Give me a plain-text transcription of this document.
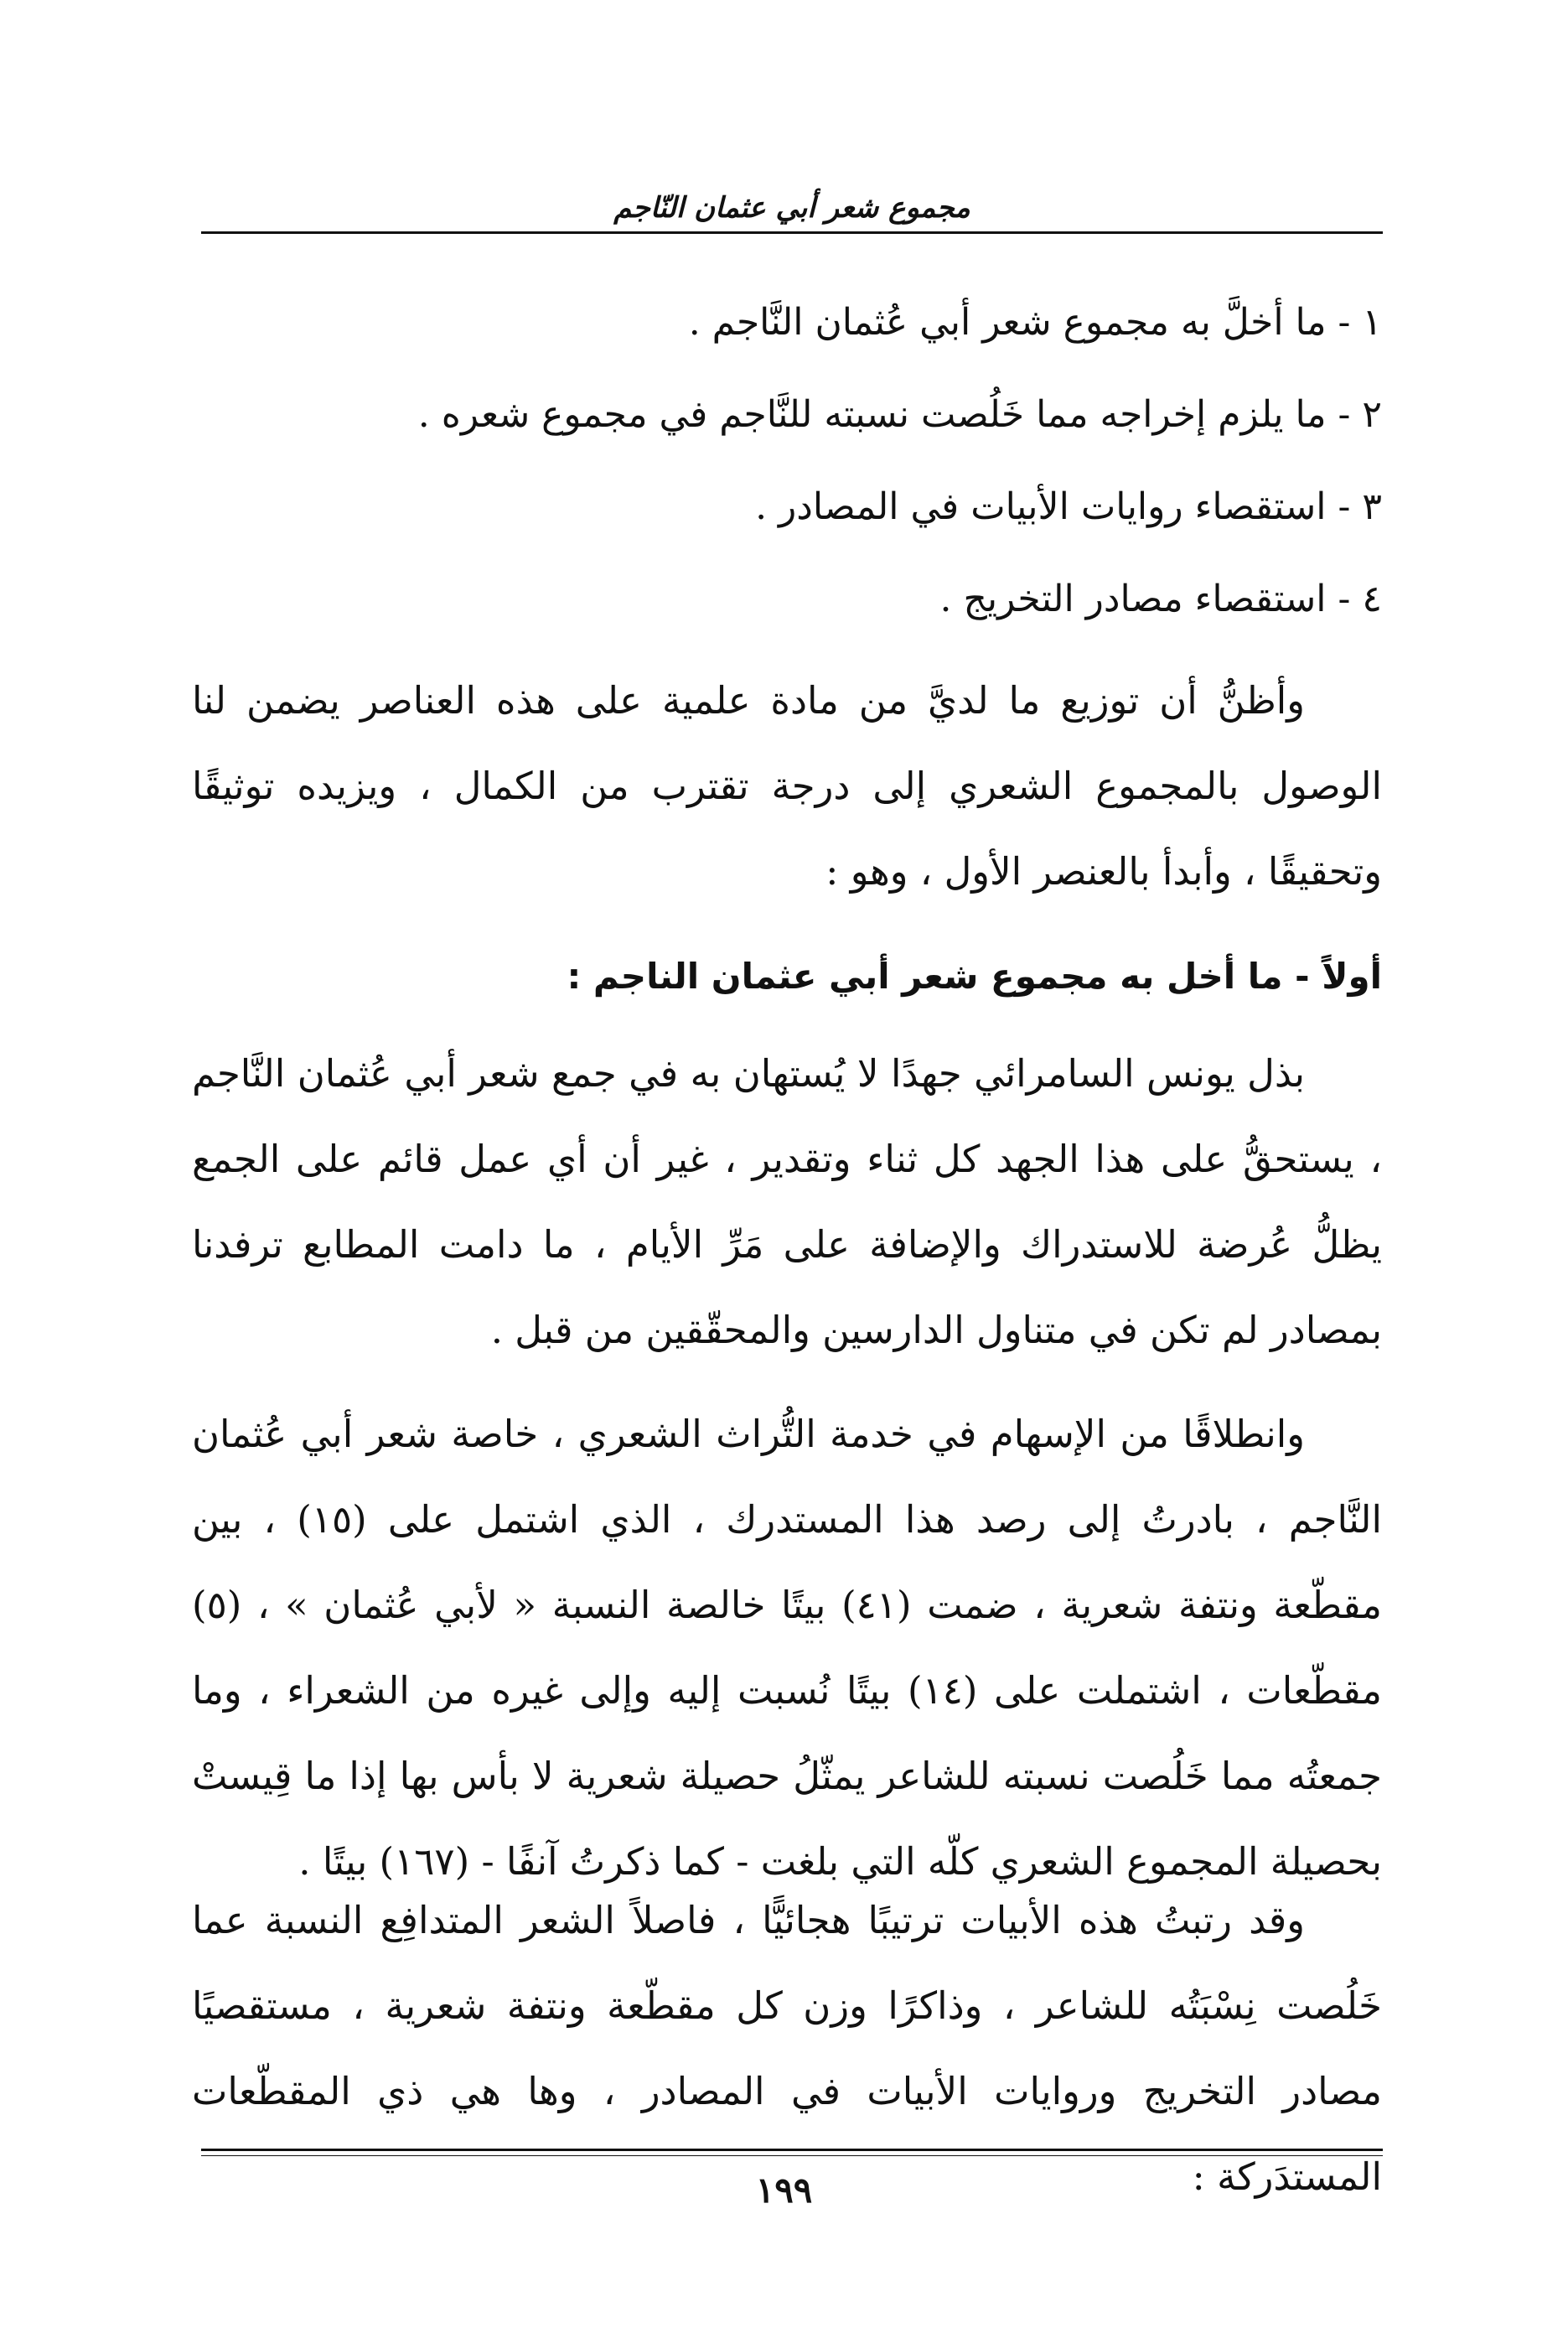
مجموع شعر أبي عثمان النّاجم
١ - ما أخلَّ به مجموع شعر أبي عُثمان النَّاجم .
٢ - ما يلزم إخراجه مما خَلُصت نسبته للنَّاجم في مجموع شعره .
٣ - استقصاء روايات الأبيات في المصادر .
٤ - استقصاء مصادر التخريج .

وأظنُّ أن توزيع ما لديَّ من مادة علمية على هذه العناصر يضمن لنا الوصول بالمجموع الشعري إلى درجة تقترب من الكمال ، ويزيده توثيقًا وتحقيقًا ، وأبدأ بالعنصر الأول ، وهو :

أولاً - ما أخل به مجموع شعر أبي عثمان الناجم :

بذل يونس السامرائي جهدًا لا يُستهان به في جمع شعر أبي عُثمان النَّاجم ، يستحقُّ على هذا الجهد كل ثناء وتقدير ، غير أن أي عمل قائم على الجمع يظلُّ عُرضة للاستدراك والإضافة على مَرِّ الأيام ، ما دامت المطابع ترفدنا بمصادر لم تكن في متناول الدارسين والمحقّقين من قبل .

وانطلاقًا من الإسهام في خدمة التُّراث الشعري ، خاصة شعر أبي عُثمان النَّاجم ، بادرتُ إلى رصد هذا المستدرك ، الذي اشتمل على (١٥) ، بين مقطّعة ونتفة شعرية ، ضمت (٤١) بيتًا خالصة النسبة « لأبي عُثمان » ، (٥) مقطّعات ، اشتملت على (١٤) بيتًا نُسبت إليه وإلى غيره من الشعراء ، وما جمعتُه مما خَلُصت نسبته للشاعر يمثّلُ حصيلة شعرية لا بأس بها إذا ما قِيستْ بحصيلة المجموع الشعري كلّه التي بلغت - كما ذكرتُ آنفًا - (١٦٧) بيتًا .

وقد رتبتُ هذه الأبيات ترتيبًا هجائيًّا ، فاصلاً الشعر المتدافِع النسبة عما خَلُصت نِسْبَتُه للشاعر ، وذاكرًا وزن كل مقطّعة ونتفة شعرية ، مستقصيًا مصادر التخريج وروايات الأبيات في المصادر ، وها هي ذي المقطّعات المستدَركة :

١٩٩
